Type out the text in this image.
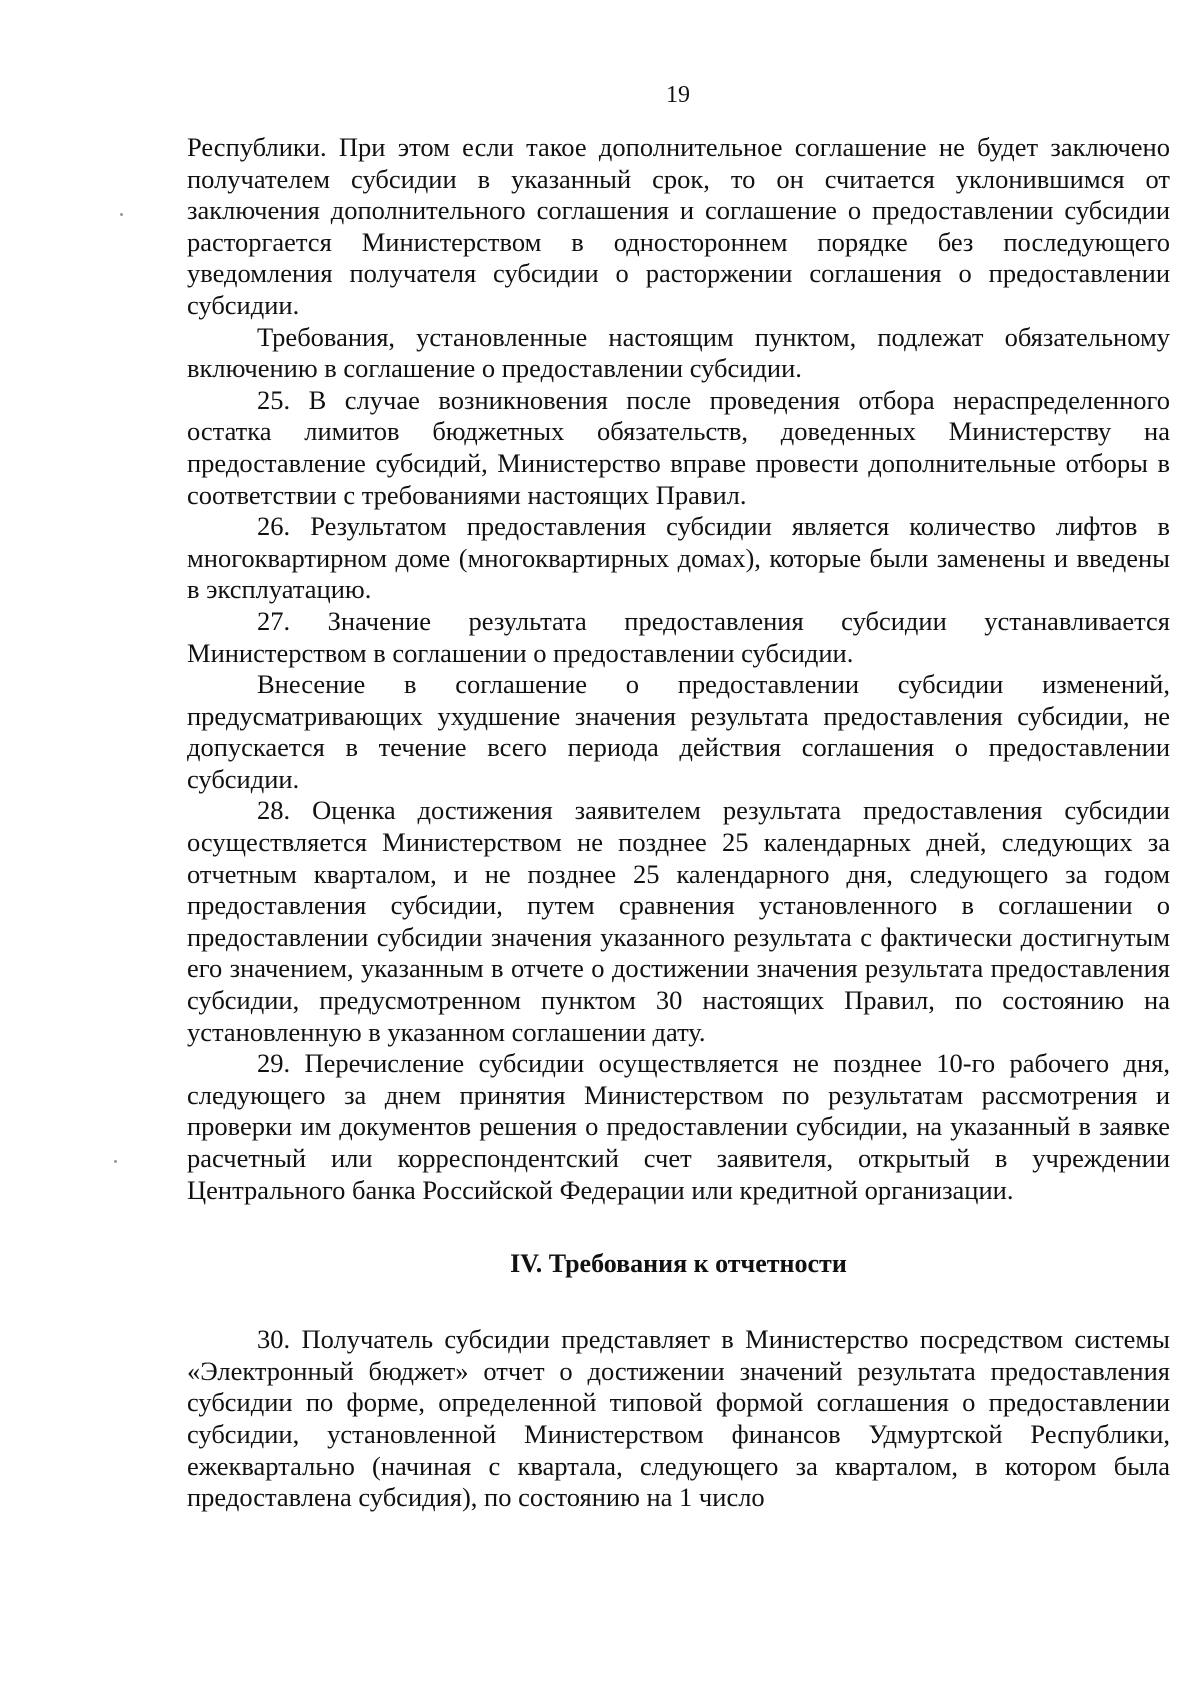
19

Республики. При этом если такое дополнительное соглашение не будет заключено получателем субсидии в указанный срок, то он считается уклонившимся от заключения дополнительного соглашения и соглашение о предоставлении субсидии расторгается Министерством в одностороннем порядке без последующего уведомления получателя субсидии о расторжении соглашения о предоставлении субсидии.

Требования, установленные настоящим пунктом, подлежат обязательному включению в соглашение о предоставлении субсидии.

25. В случае возникновения после проведения отбора нераспределенного остатка лимитов бюджетных обязательств, доведенных Министерству на предоставление субсидий, Министерство вправе провести дополнительные отборы в соответствии с требованиями настоящих Правил.

26. Результатом предоставления субсидии является количество лифтов в многоквартирном доме (многоквартирных домах), которые были заменены и введены в эксплуатацию.

27. Значение результата предоставления субсидии устанавливается Министерством в соглашении о предоставлении субсидии.

Внесение в соглашение о предоставлении субсидии изменений, предусматривающих ухудшение значения результата предоставления субсидии, не допускается в течение всего периода действия соглашения о предоставлении субсидии.

28. Оценка достижения заявителем результата предоставления субсидии осуществляется Министерством не позднее 25 календарных дней, следующих за отчетным кварталом, и не позднее 25 календарного дня, следующего за годом предоставления субсидии, путем сравнения установленного в соглашении о предоставлении субсидии значения указанного результата с фактически достигнутым его значением, указанным в отчете о достижении значения результата предоставления субсидии, предусмотренном пунктом 30 настоящих Правил, по состоянию на установленную в указанном соглашении дату.

29. Перечисление субсидии осуществляется не позднее 10-го рабочего дня, следующего за днем принятия Министерством по результатам рассмотрения и проверки им документов решения о предоставлении субсидии, на указанный в заявке расчетный или корреспондентский счет заявителя, открытый в учреждении Центрального банка Российской Федерации или кредитной организации.

IV. Требования к отчетности

30. Получатель субсидии представляет в Министерство посредством системы «Электронный бюджет» отчет о достижении значений результата предоставления субсидии по форме, определенной типовой формой соглашения о предоставлении субсидии, установленной Министерством финансов Удмуртской Республики, ежеквартально (начиная с квартала, следующего за кварталом, в котором была предоставлена субсидия), по состоянию на 1 число
